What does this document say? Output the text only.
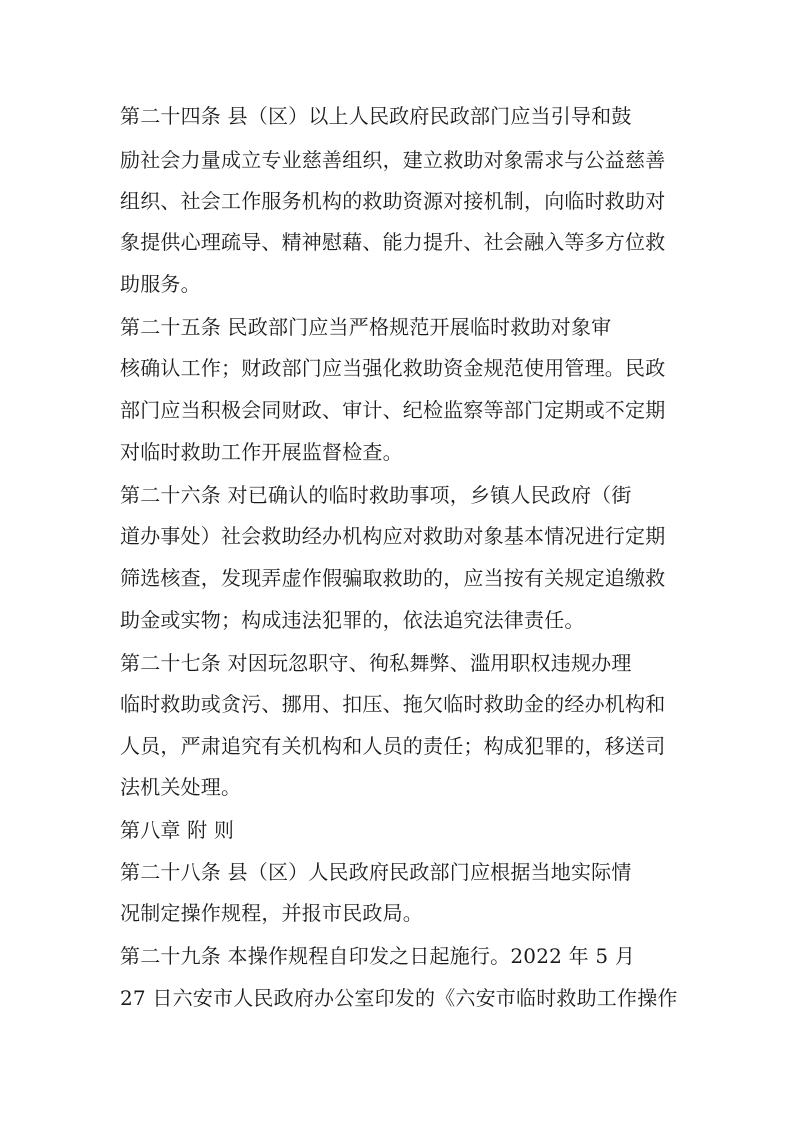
第二十四条 县（区）以上人民政府民政部门应当引导和鼓
励社会力量成立专业慈善组织，建立救助对象需求与公益慈善
组织、社会工作服务机构的救助资源对接机制，向临时救助对
象提供心理疏导、精神慰藉、能力提升、社会融入等多方位救
助服务。
第二十五条 民政部门应当严格规范开展临时救助对象审
核确认工作；财政部门应当强化救助资金规范使用管理。民政
部门应当积极会同财政、审计、纪检监察等部门定期或不定期
对临时救助工作开展监督检查。
第二十六条 对已确认的临时救助事项，乡镇人民政府（街
道办事处）社会救助经办机构应对救助对象基本情况进行定期
筛选核查，发现弄虚作假骗取救助的，应当按有关规定追缴救
助金或实物；构成违法犯罪的，依法追究法律责任。
第二十七条 对因玩忽职守、徇私舞弊、滥用职权违规办理
临时救助或贪污、挪用、扣压、拖欠临时救助金的经办机构和
人员，严肃追究有关机构和人员的责任；构成犯罪的，移送司
法机关处理。
第八章 附 则
第二十八条 县（区）人民政府民政部门应根据当地实际情
况制定操作规程，并报市民政局。
第二十九条 本操作规程自印发之日起施行。2022 年 5 月
27 日六安市人民政府办公室印发的《六安市临时救助工作操作
